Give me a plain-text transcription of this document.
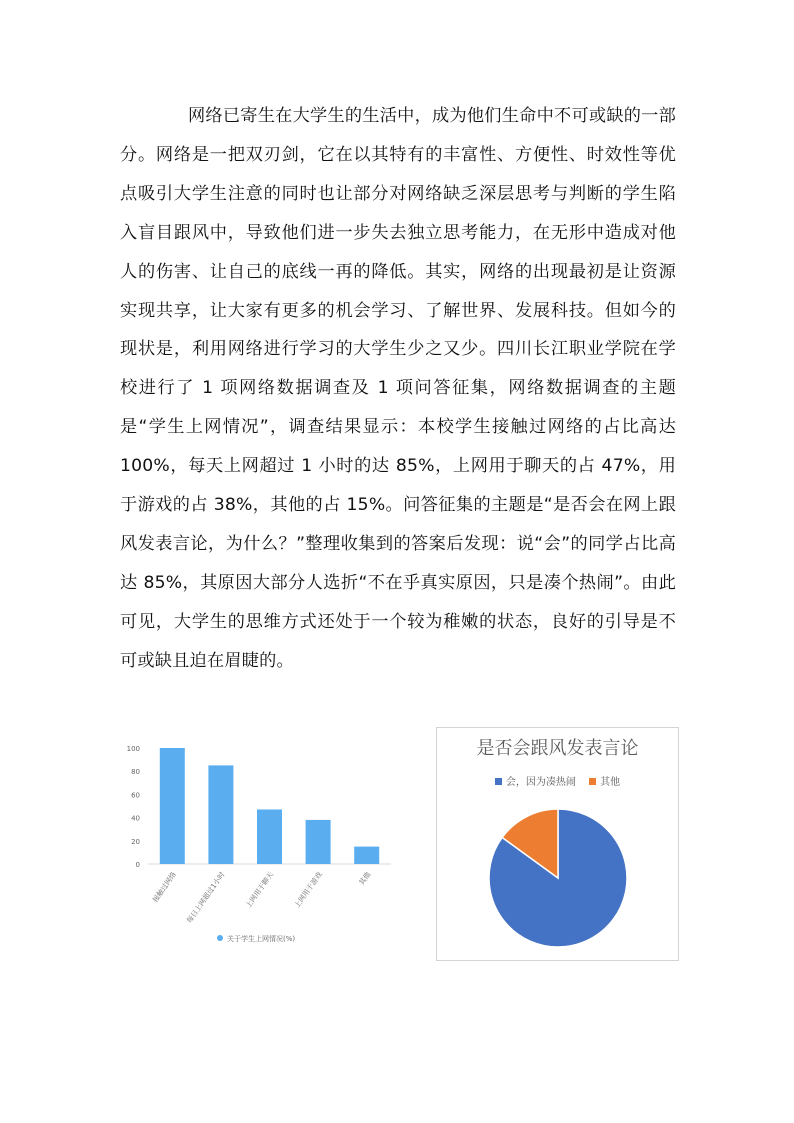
网络已寄生在大学生的生活中，成为他们生命中不可或缺的一部分。网络是一把双刃剑，它在以其特有的丰富性、方便性、时效性等优点吸引大学生注意的同时也让部分对网络缺乏深层思考与判断的学生陷入盲目跟风中，导致他们进一步失去独立思考能力，在无形中造成对他人的伤害、让自己的底线一再的降低。其实，网络的出现最初是让资源实现共享，让大家有更多的机会学习、了解世界、发展科技。但如今的现状是，利用网络进行学习的大学生少之又少。四川长江职业学院在学校进行了 1 项网络数据调查及 1 项问答征集，网络数据调查的主题是“学生上网情况”，调查结果显示：本校学生接触过网络的占比高达 100%，每天上网超过 1 小时的达 85%，上网用于聊天的占 47%，用于游戏的占 38%，其他的占 15%。问答征集的主题是“是否会在网上跟风发表言论，为什么？”整理收集到的答案后发现：说“会”的同学占比高达 85%，其原因大部分人选折“不在乎真实原因，只是凑个热闹”。由此可见，大学生的思维方式还处于一个较为稚嫩的状态，良好的引导是不可或缺且迫在眉睫的。

0
20
40
60
80
100
接触过网络 每日上网超过1小时	上网用于聊天	上网用于游戏	其他
关于学生上网情况(%)
是否会跟风发表言论
会，因为凑热闹 其他
